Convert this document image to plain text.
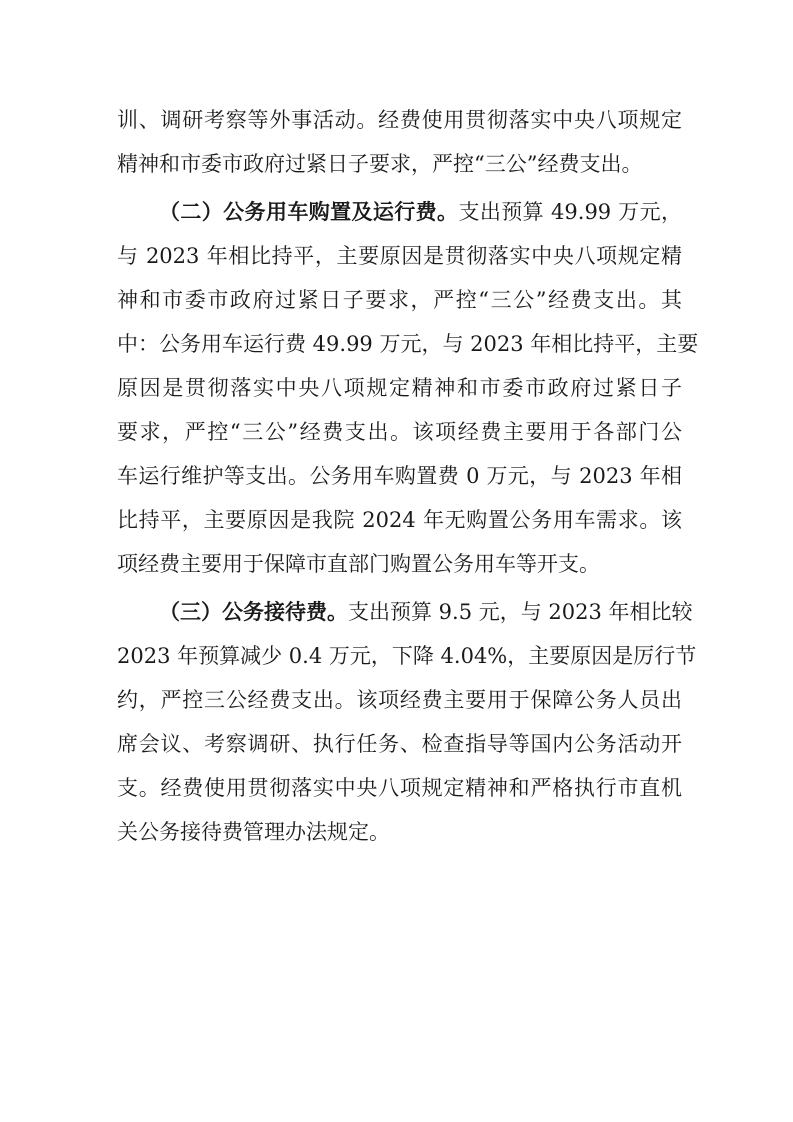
训、调研考察等外事活动。经费使用贯彻落实中央八项规定
精神和市委市政府过紧日子要求，严控“三公”经费支出。
（二）公务用车购置及运行费。支出预算 49.99 万元，
与 2023 年相比持平，主要原因是贯彻落实中央八项规定精
神和市委市政府过紧日子要求，严控“三公”经费支出。其
中：公务用车运行费 49.99 万元，与 2023 年相比持平，主要
原因是贯彻落实中央八项规定精神和市委市政府过紧日子
要求，严控“三公”经费支出。该项经费主要用于各部门公
车运行维护等支出。公务用车购置费 0 万元，与 2023 年相
比持平，主要原因是我院 2024 年无购置公务用车需求。该
项经费主要用于保障市直部门购置公务用车等开支。
（三）公务接待费。支出预算 9.5 元，与 2023 年相比较
2023 年预算减少 0.4 万元，下降 4.04%，主要原因是厉行节
约，严控三公经费支出。该项经费主要用于保障公务人员出
席会议、考察调研、执行任务、检查指导等国内公务活动开
支。经费使用贯彻落实中央八项规定精神和严格执行市直机
关公务接待费管理办法规定。
